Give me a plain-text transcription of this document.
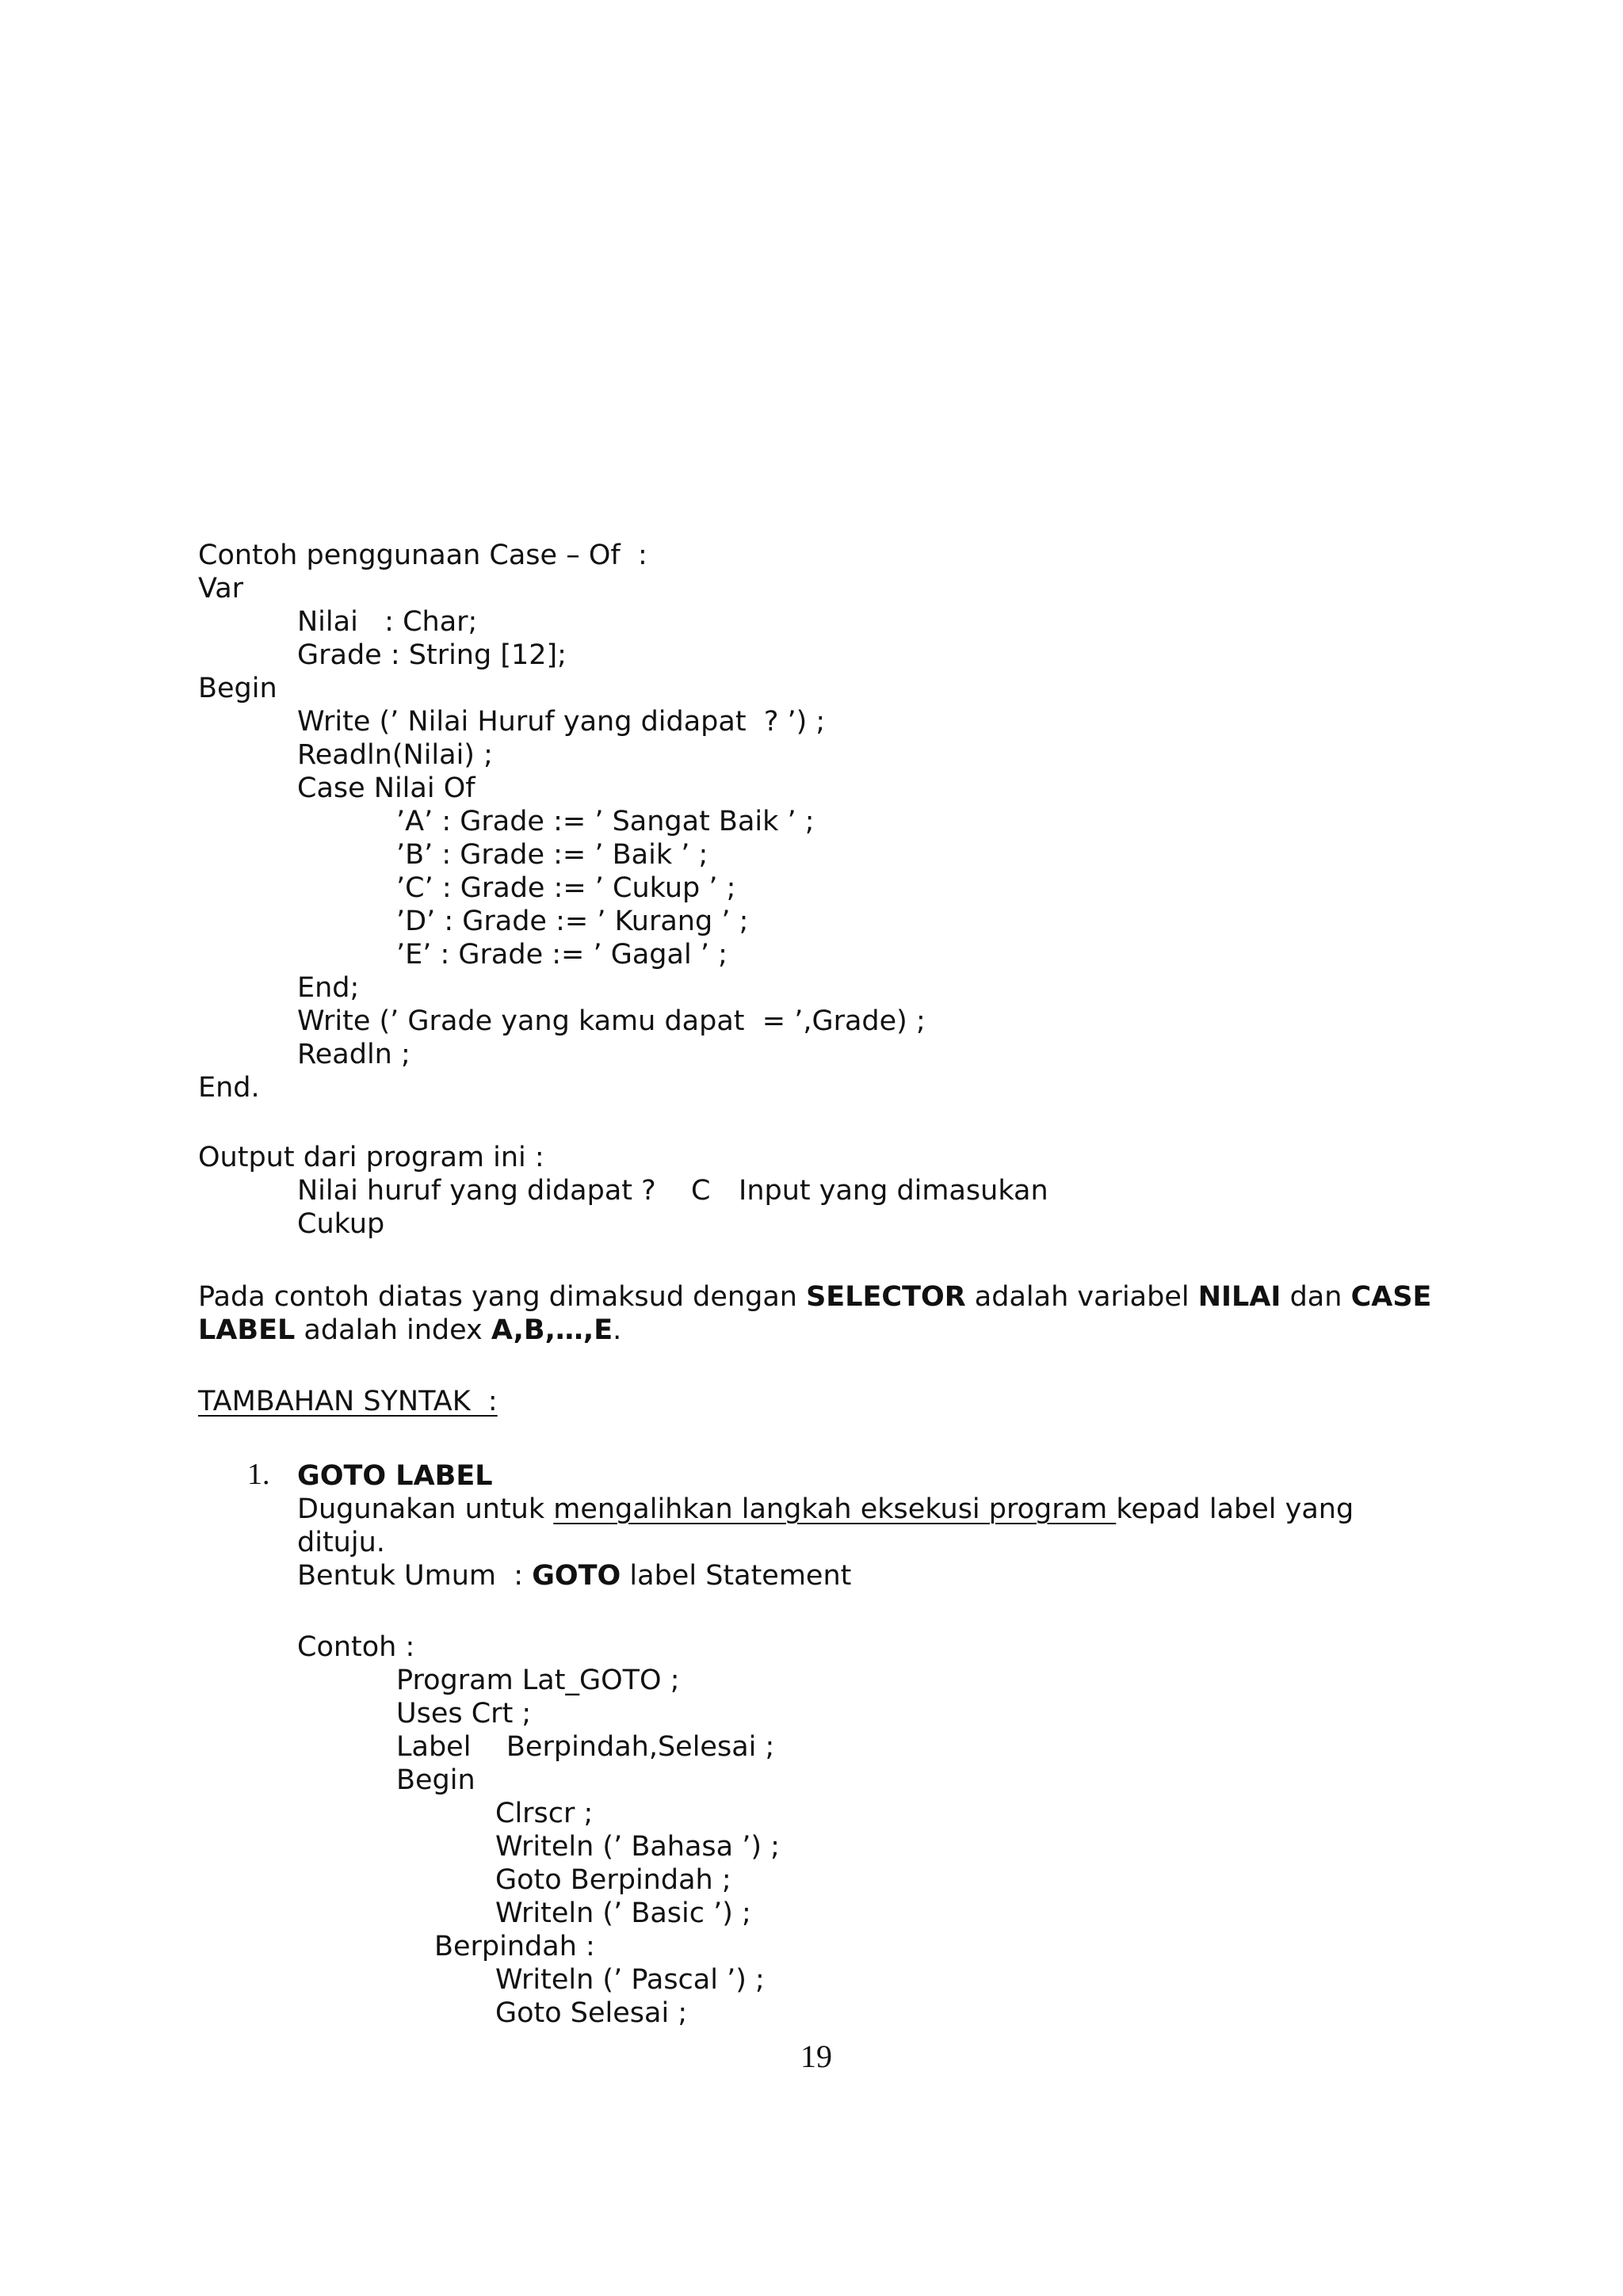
Contoh penggunaan Case – Of  :
Var
Nilai   : Char;
Grade : String [12];
Begin
Write (’ Nilai Huruf yang didapat  ? ’) ;
Readln(Nilai) ;
Case Nilai Of
’A’ : Grade := ’ Sangat Baik ’ ;
’B’ : Grade := ’ Baik ’ ;
’C’ : Grade := ’ Cukup ’ ;
’D’ : Grade := ’ Kurang ’ ;
’E’ : Grade := ’ Gagal ’ ;
End;
Write (’ Grade yang kamu dapat  = ’,Grade) ;
Readln ;
End.
Output dari program ini :
Nilai huruf yang didapat ? C Input yang dimasukan
Cukup
Pada contoh diatas yang dimaksud dengan SELECTOR adalah variabel NILAI dan CASE
LABEL adalah index A,B,…,E.
TAMBAHAN SYNTAK  :
1. GOTO LABEL
Dugunakan untuk mengalihkan langkah eksekusi program kepad label yang
dituju.
Bentuk Umum  : GOTO label Statement
Contoh :
Program Lat_GOTO ;
Uses Crt ;
Label    Berpindah,Selesai ;
Begin
Clrscr ;
Writeln (’ Bahasa ’) ;
Goto Berpindah ;
Writeln (’ Basic ’) ;
Berpindah :
Writeln (’ Pascal ’) ;
Goto Selesai ;
19
